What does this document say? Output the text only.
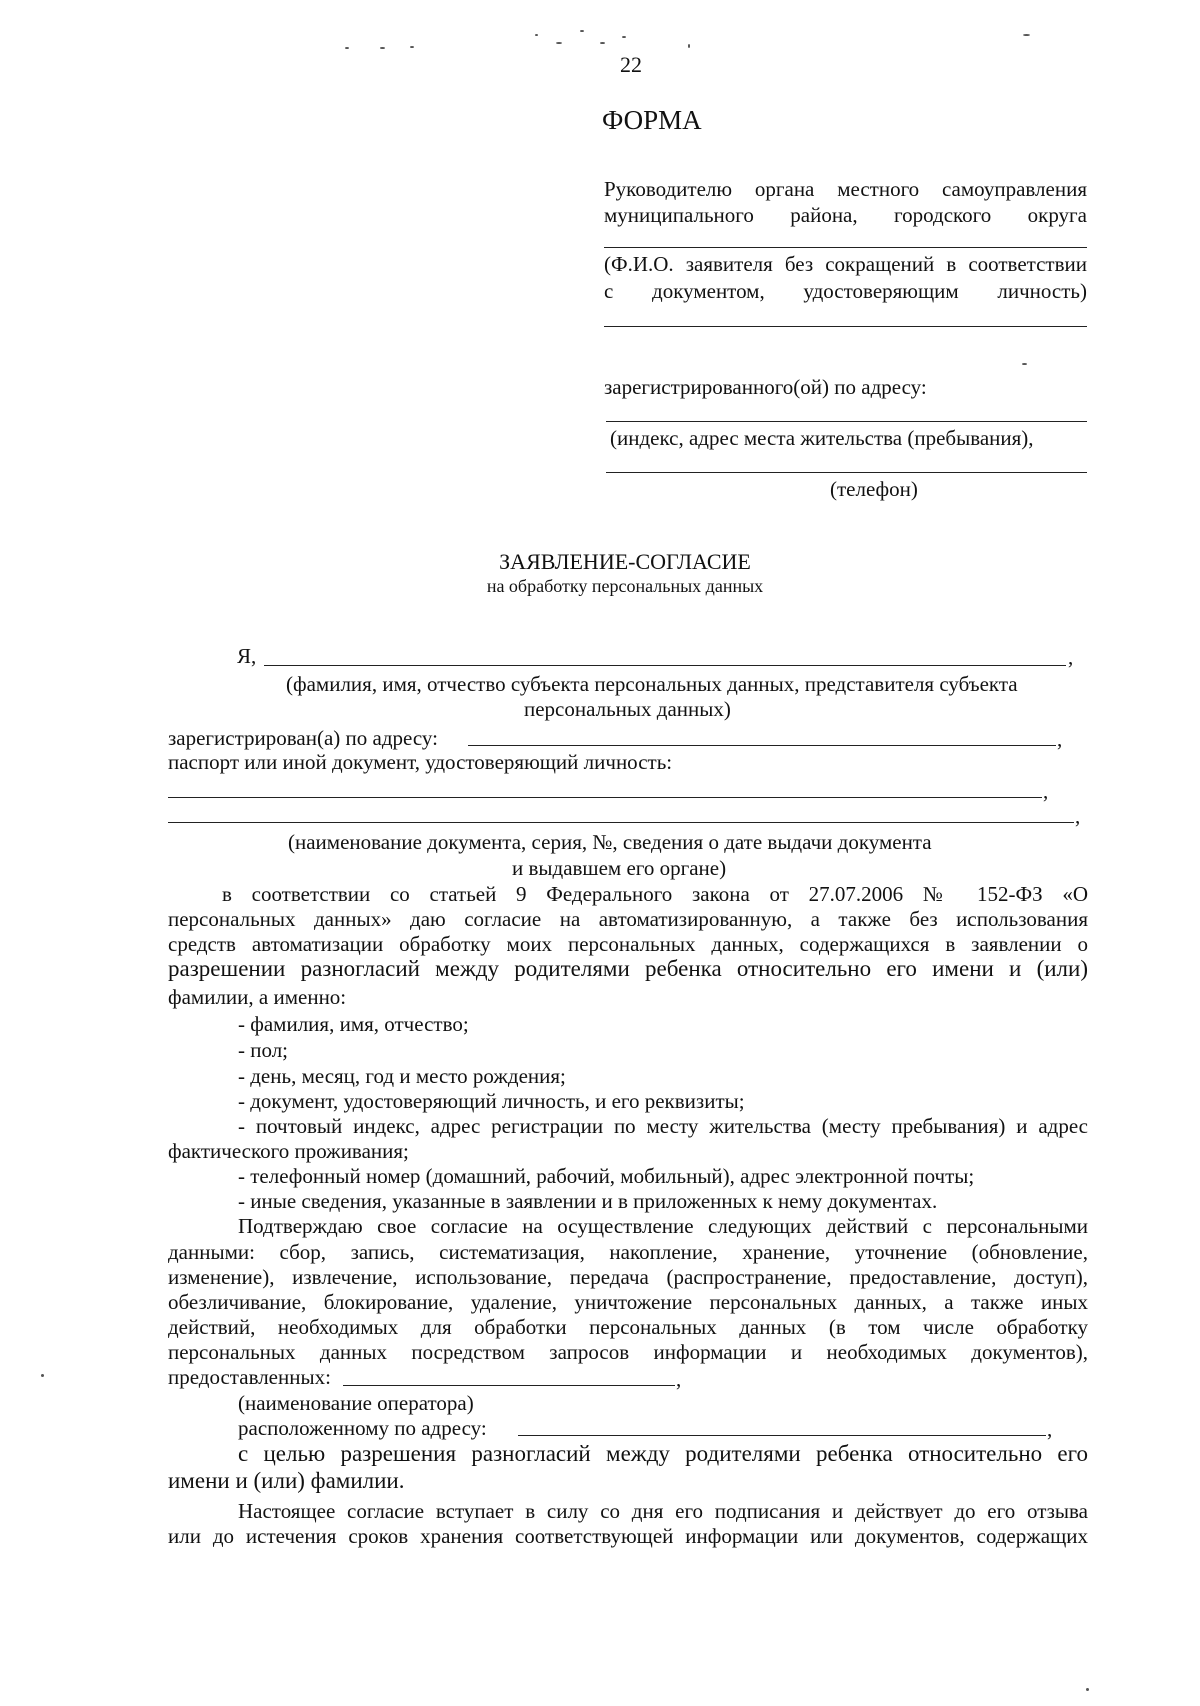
22
ФОРМА
Руководителю органа местного самоуправления
муниципального района, городского округа
(Ф.И.О. заявителя без сокращений в соответствии
с документом, удостоверяющим личность)
зарегистрированного(ой) по адресу:
(индекс, адрес места жительства (пребывания),
(телефон)
ЗАЯВЛЕНИЕ-СОГЛАСИЕ
на обработку персональных данных
Я,	,
(фамилия, имя, отчество субъекта персональных данных, представителя субъекта
персональных данных)
зарегистрирован(а) по адресу:	,
паспорт или иной документ, удостоверяющий личность:
,
,
(наименование документа, серия, №, сведения о дате выдачи документа
и выдавшем его органе)
в соответствии со статьей 9 Федерального закона от 27.07.2006 № 152-ФЗ «О
персональных данных» даю согласие на автоматизированную, а также без использования
средств автоматизации обработку моих персональных данных, содержащихся в заявлении о
разрешении разногласий между родителями ребенка относительно его имени и (или)
фамилии, а именно:
- фамилия, имя, отчество;
- пол;
- день, месяц, год и место рождения;
- документ, удостоверяющий личность, и его реквизиты;
- почтовый индекс, адрес регистрации по месту жительства (месту пребывания) и адрес
фактического проживания;
- телефонный номер (домашний, рабочий, мобильный), адрес электронной почты;
- иные сведения, указанные в заявлении и в приложенных к нему документах.
Подтверждаю свое согласие на осуществление следующих действий с персональными
данными: сбор, запись, систематизация, накопление, хранение, уточнение (обновление,
изменение), извлечение, использование, передача (распространение, предоставление, доступ),
обезличивание, блокирование, удаление, уничтожение персональных данных, а также иных
действий, необходимых для обработки персональных данных (в том числе обработку
персональных данных посредством запросов информации и необходимых документов),
предоставленных:	,
(наименование оператора)
расположенному по адресу:	,
с целью разрешения разногласий между родителями ребенка относительно его
имени и (или) фамилии.
Настоящее согласие вступает в силу со дня его подписания и действует до его отзыва
или до истечения сроков хранения соответствующей информации или документов, содержащих
